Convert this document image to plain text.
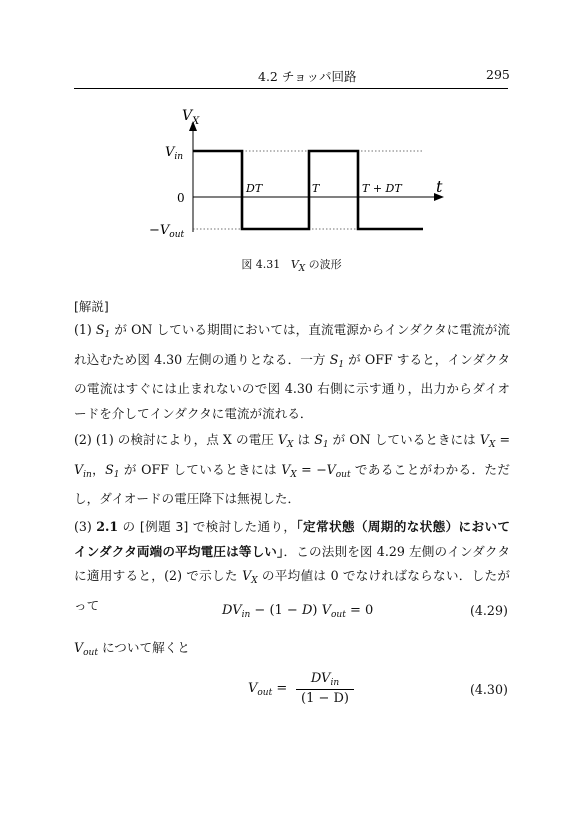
4.2 チョッパ回路	295
$V_X$
$V_{in}$
0
$-V_{out}$
DT	T	T + DT t
図 4.31 $V_X$ の波形
[解説]
(1) $S_1$ が ON している期間においては，直流電源からインダクタに電流が流れ込むため図 4.30 左側の通りとなる．一方 $S_1$ が OFF すると，インダクタの電流はすぐには止まれないので図 4.30 右側に示す通り，出力からダイオードを介してインダクタに電流が流れる．
(2) (1) の検討により，点 X の電圧 $V_X$ は $S_1$ が ON しているときには $V_X = V_{in}$，$S_1$ が OFF しているときには $V_X = -V_{out}$ であることがわかる．ただし，ダイオードの電圧降下は無視した．
(3) 2.1 の [例題 3] で検討した通り，「定常状態（周期的な状態）においてインダクタ両端の平均電圧は等しい」．この法則を図 4.29 左側のインダクタに適用すると，(2) で示した $V_X$ の平均値は 0 でなければならない．したがって	$DV_{in} - (1 - D) V_{out} = 0$	(4.29)
$V_{out}$ について解くと
$V_{out}$ =
$DV_{in}$
(1 − D)
(4.30)
